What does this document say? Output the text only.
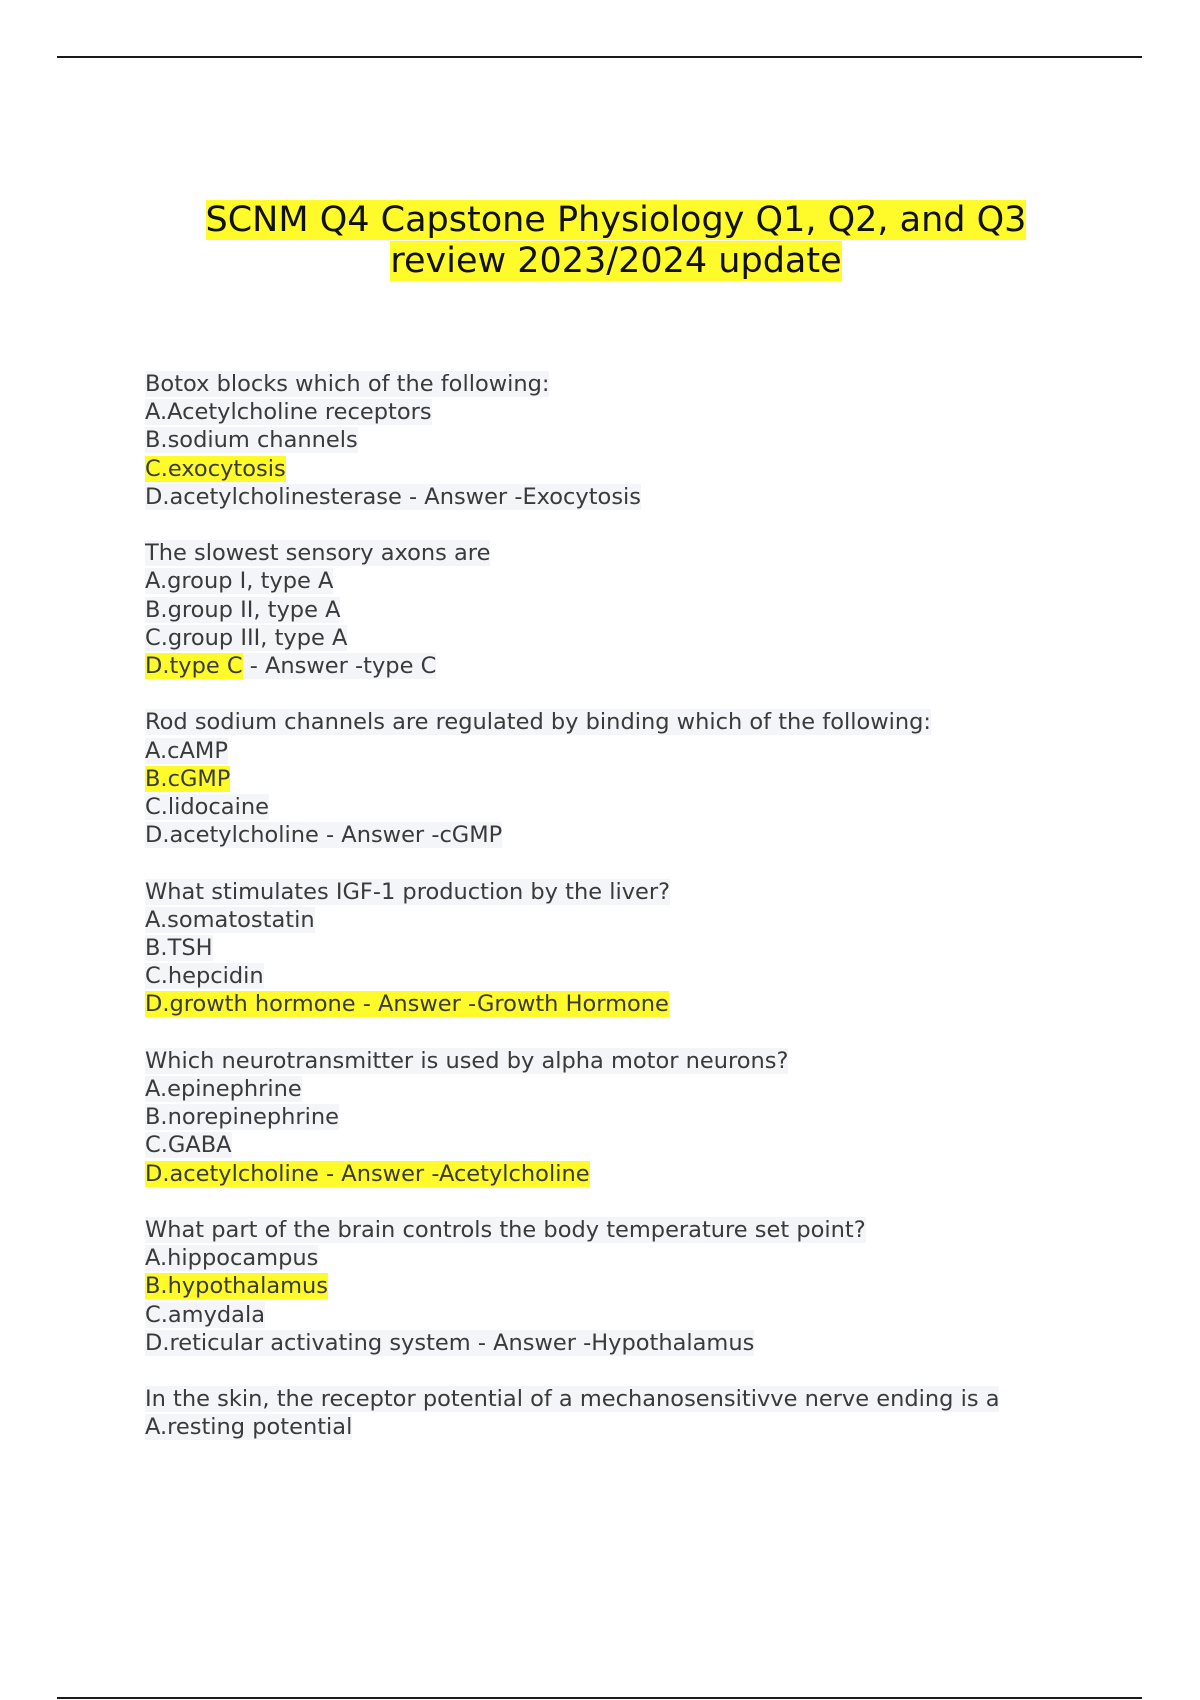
SCNM Q4 Capstone Physiology Q1, Q2, and Q3
review 2023/2024 update
Botox blocks which of the following:
A.Acetylcholine receptors
B.sodium channels
C.exocytosis
D.acetylcholinesterase - Answer -Exocytosis
The slowest sensory axons are
A.group I, type A
B.group II, type A
C.group III, type A
D.type C - Answer -type C
Rod sodium channels are regulated by binding which of the following:
A.cAMP
B.cGMP
C.lidocaine
D.acetylcholine - Answer -cGMP
What stimulates IGF-1 production by the liver?
A.somatostatin
B.TSH
C.hepcidin
D.growth hormone - Answer -Growth Hormone
Which neurotransmitter is used by alpha motor neurons?
A.epinephrine
B.norepinephrine
C.GABA
D.acetylcholine - Answer -Acetylcholine
What part of the brain controls the body temperature set point?
A.hippocampus
B.hypothalamus
C.amydala
D.reticular activating system - Answer -Hypothalamus
In the skin, the receptor potential of a mechanosensitivve nerve ending is a
A.resting potential
